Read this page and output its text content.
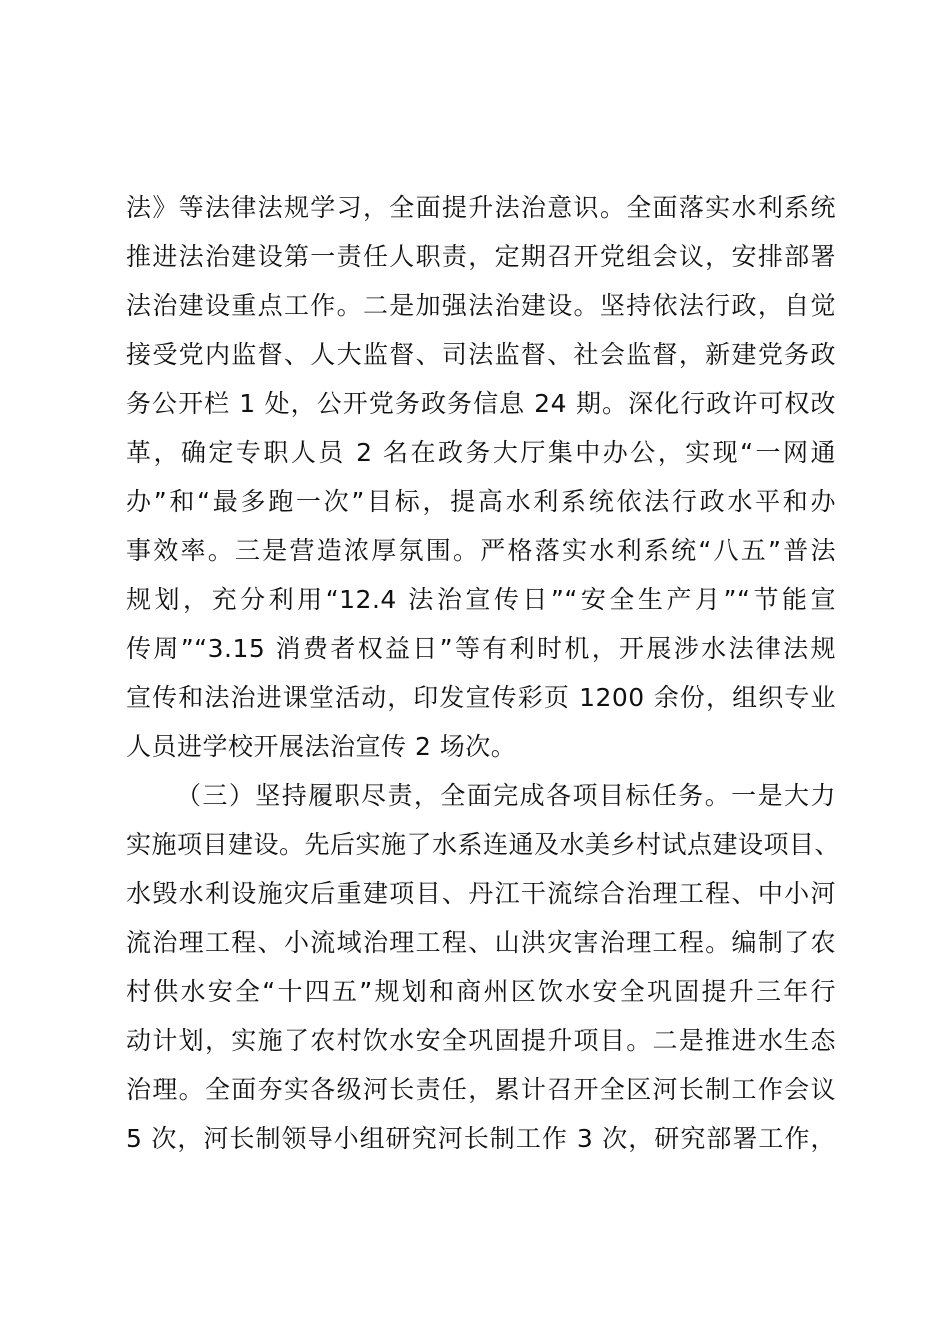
法》等法律法规学习，全面提升法治意识。全面落实水利系统
推进法治建设第一责任人职责，定期召开党组会议，安排部署
法治建设重点工作。二是加强法治建设。坚持依法行政，自觉
接受党内监督、人大监督、司法监督、社会监督，新建党务政
务公开栏 1 处，公开党务政务信息 24 期。深化行政许可权改
革，确定专职人员 2 名在政务大厅集中办公，实现“一网通
办”和“最多跑一次”目标，提高水利系统依法行政水平和办
事效率。三是营造浓厚氛围。严格落实水利系统“八五”普法
规划，充分利用“12.4 法治宣传日”“安全生产月”“节能宣
传周”“3.15 消费者权益日”等有利时机，开展涉水法律法规
宣传和法治进课堂活动，印发宣传彩页 1200 余份，组织专业
人员进学校开展法治宣传 2 场次。
（三）坚持履职尽责，全面完成各项目标任务。一是大力
实施项目建设。先后实施了水系连通及水美乡村试点建设项目、
水毁水利设施灾后重建项目、丹江干流综合治理工程、中小河
流治理工程、小流域治理工程、山洪灾害治理工程。编制了农
村供水安全“十四五”规划和商州区饮水安全巩固提升三年行
动计划，实施了农村饮水安全巩固提升项目。二是推进水生态
治理。全面夯实各级河长责任，累计召开全区河长制工作会议
5 次，河长制领导小组研究河长制工作 3 次，研究部署工作，
